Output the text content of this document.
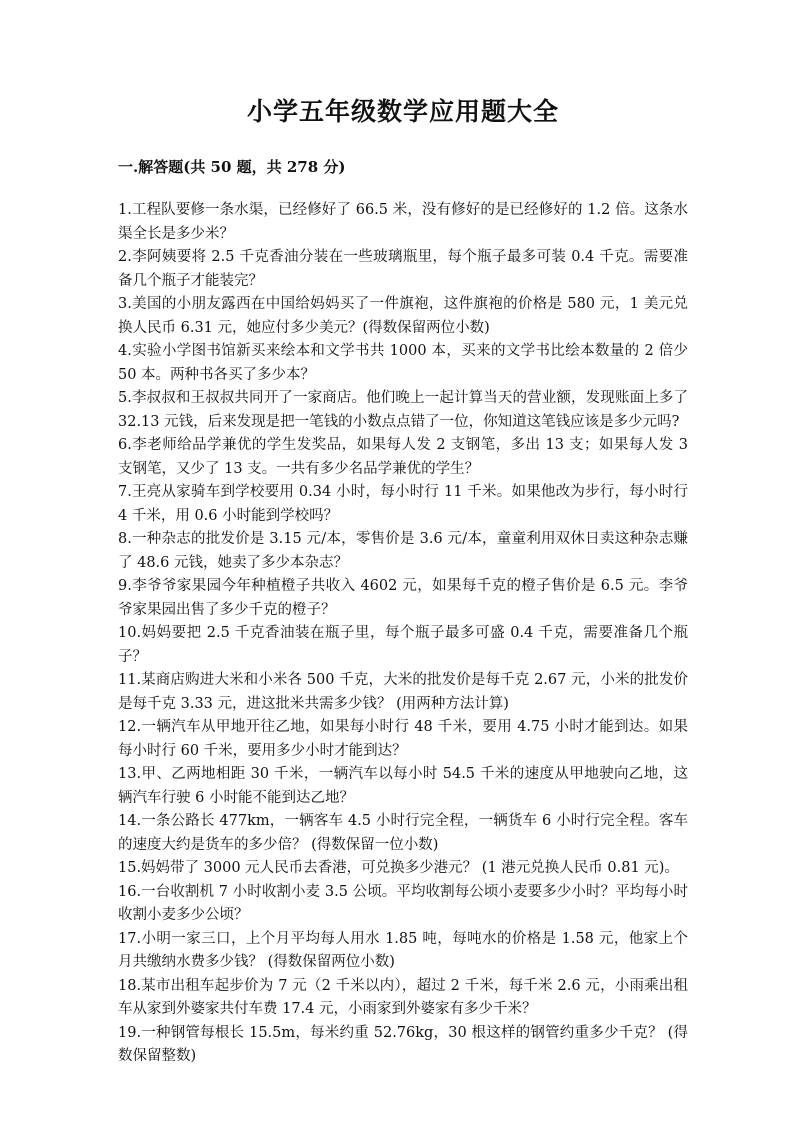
小学五年级数学应用题大全
一.解答题(共 50 题，共 278 分)
1.工程队要修一条水渠，已经修好了 66.5 米，没有修好的是已经修好的 1.2 倍。这条水渠全长是多少米？
2.李阿姨要将 2.5 千克香油分装在一些玻璃瓶里，每个瓶子最多可装 0.4 千克。需要准备几个瓶子才能装完？
3.美国的小朋友露西在中国给妈妈买了一件旗袍，这件旗袍的价格是 580 元，1 美元兑换人民币 6.31 元，她应付多少美元？(得数保留两位小数)
4.实验小学图书馆新买来绘本和文学书共 1000 本，买来的文学书比绘本数量的 2 倍少 50 本。两种书各买了多少本？
5.李叔叔和王叔叔共同开了一家商店。他们晚上一起计算当天的营业额，发现账面上多了 32.13 元钱，后来发现是把一笔钱的小数点点错了一位，你知道这笔钱应该是多少元吗?
6.李老师给品学兼优的学生发奖品，如果每人发 2 支钢笔，多出 13 支；如果每人发 3 支钢笔，又少了 13 支。一共有多少名品学兼优的学生？
7.王亮从家骑车到学校要用 0.34 小时，每小时行 11 千米。如果他改为步行，每小时行 4 千米，用 0.6 小时能到学校吗？
8.一种杂志的批发价是 3.15 元/本，零售价是 3.6 元/本，童童利用双休日卖这种杂志赚了 48.6 元钱，她卖了多少本杂志？
9.李爷爷家果园今年种植橙子共收入 4602 元，如果每千克的橙子售价是 6.5 元。李爷爷家果园出售了多少千克的橙子？
10.妈妈要把 2.5 千克香油装在瓶子里，每个瓶子最多可盛 0.4 千克，需要准备几个瓶子？
11.某商店购进大米和小米各 500 千克，大米的批发价是每千克 2.67 元，小米的批发价是每千克 3.33 元，进这批米共需多少钱？ (用两种方法计算)
12.一辆汽车从甲地开往乙地，如果每小时行 48 千米，要用 4.75 小时才能到达。如果每小时行 60 千米，要用多少小时才能到达？
13.甲、乙两地相距 30 千米，一辆汽车以每小时 54.5 千米的速度从甲地驶向乙地，这辆汽车行驶 6 小时能不能到达乙地？
14.一条公路长 477km，一辆客车 4.5 小时行完全程，一辆货车 6 小时行完全程。客车的速度大约是货车的多少倍？ (得数保留一位小数)
15.妈妈带了 3000 元人民币去香港，可兑换多少港元？ (1 港元兑换人民币 0.81 元)。
16.一台收割机 7 小时收割小麦 3.5 公顷。平均收割每公顷小麦要多少小时？平均每小时收割小麦多少公顷？
17.小明一家三口，上个月平均每人用水 1.85 吨，每吨水的价格是 1.58 元，他家上个月共缴纳水费多少钱？ (得数保留两位小数)
18.某市出租车起步价为 7 元（2 千米以内），超过 2 千米，每千米 2.6 元，小雨乘出租车从家到外婆家共付车费 17.4 元，小雨家到外婆家有多少千米？
19.一种钢管每根长 15.5m，每米约重 52.76kg，30 根这样的钢管约重多少千克？ (得数保留整数)
